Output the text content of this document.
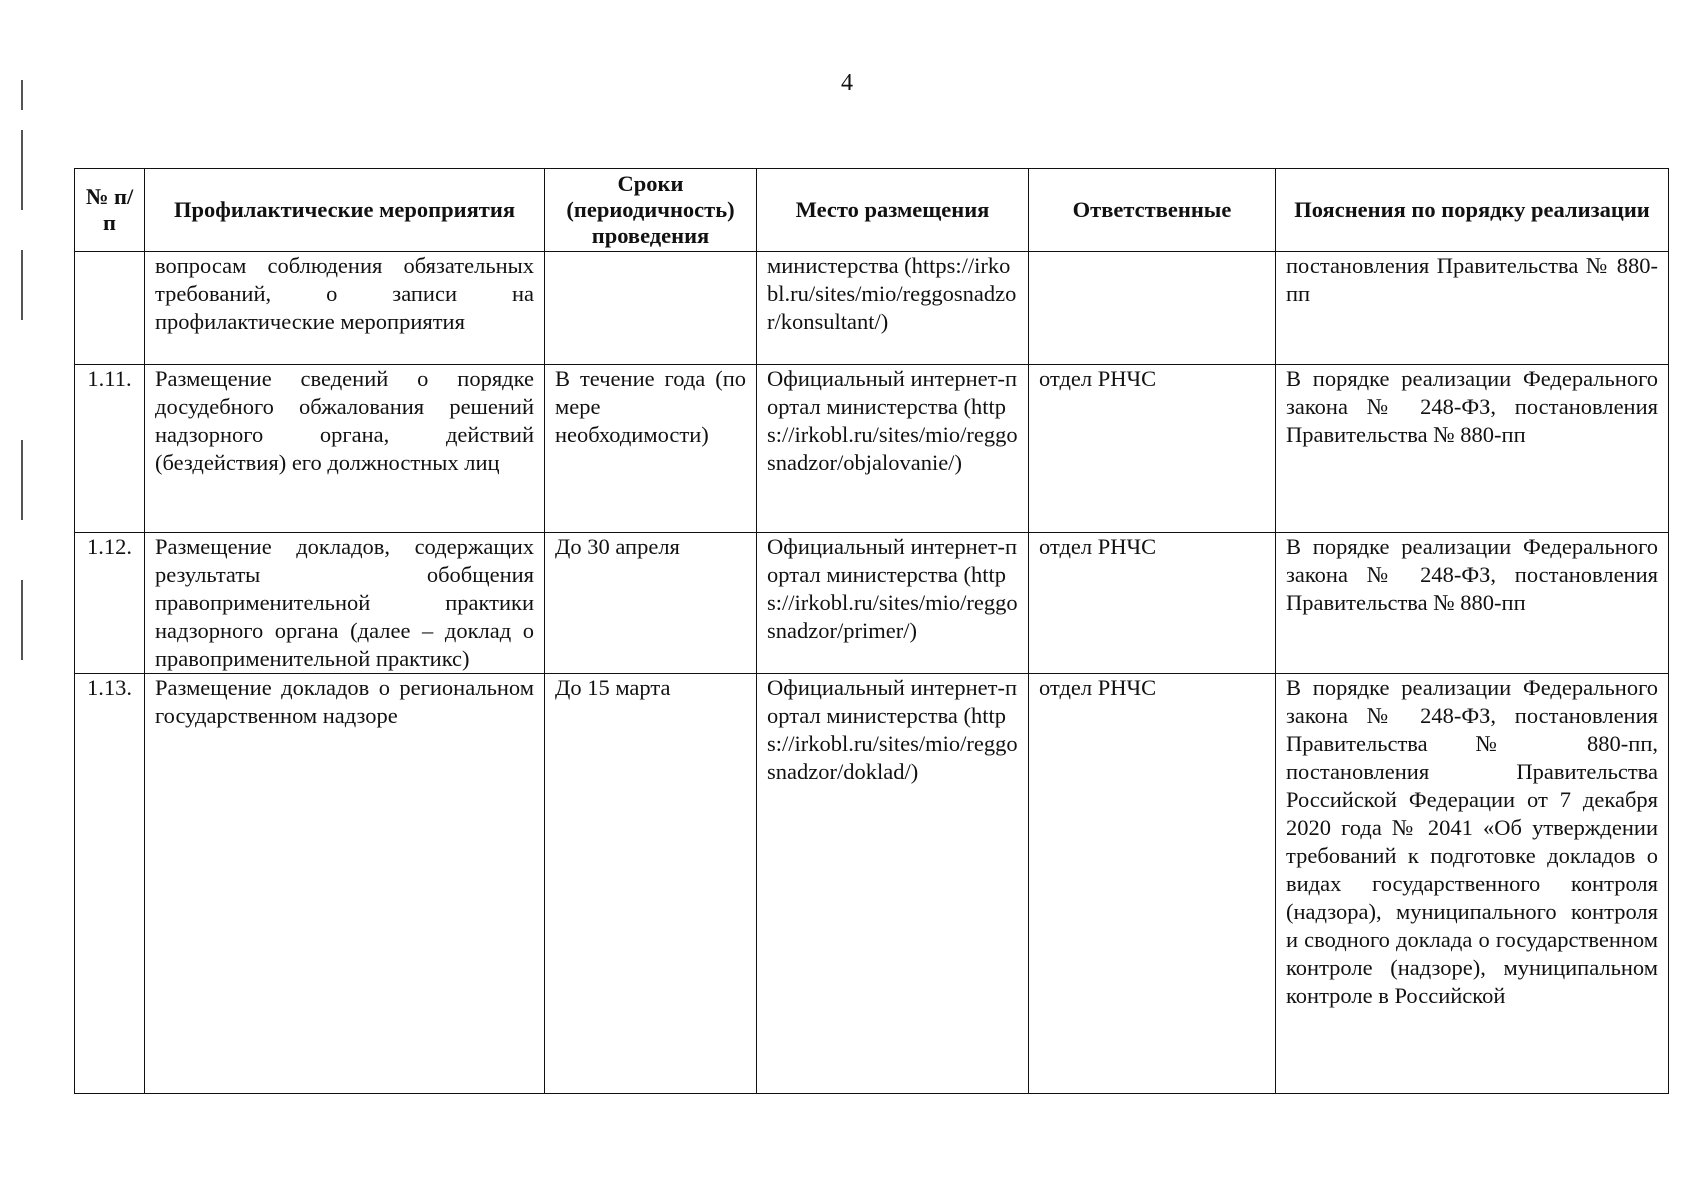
4
№ п/п	Профилактические мероприятия	Сроки (периодичность) проведения	Место размещения	Ответственные	Пояснения по порядку реализации
	вопросам соблюдения обязательных требований, о записи на профилактические мероприятия		министерства (https://irkobl.ru/sites/mio/reggosnadzor/konsultant/)		постановления Правительства № 880-пп
1.11.	Размещение сведений о порядке досудебного обжалования решений надзорного органа, действий (бездействия) его должностных лиц	В течение года (по мере необходимости)	Официальный интернет-портал министерства (https://irkobl.ru/sites/mio/reggosnadzor/objalovanie/)	отдел РНЧС	В порядке реализации Федерального закона № 248-ФЗ, постановления Правительства № 880-пп
1.12.	Размещение докладов, содержащих результаты обобщения правоприменительной практики надзорного органа (далее – доклад о правоприменительной практикс)	До 30 апреля	Официальный интернет-портал министерства (https://irkobl.ru/sites/mio/reggosnadzor/primer/)	отдел РНЧС	В порядке реализации Федерального закона № 248-ФЗ, постановления Правительства № 880-пп
1.13.	Размещение докладов о региональном государственном надзоре	До 15 марта	Официальный интернет-портал министерства (https://irkobl.ru/sites/mio/reggosnadzor/doklad/)	отдел РНЧС	В порядке реализации Федерального закона № 248-ФЗ, постановления Правительства № 880-пп, постановления Правительства Российской Федерации от 7 декабря 2020 года № 2041 «Об утверждении требований к подготовке докладов о видах государственного контроля (надзора), муниципального контроля и сводного доклада о государственном контроле (надзоре), муниципальном контроле в Российской
